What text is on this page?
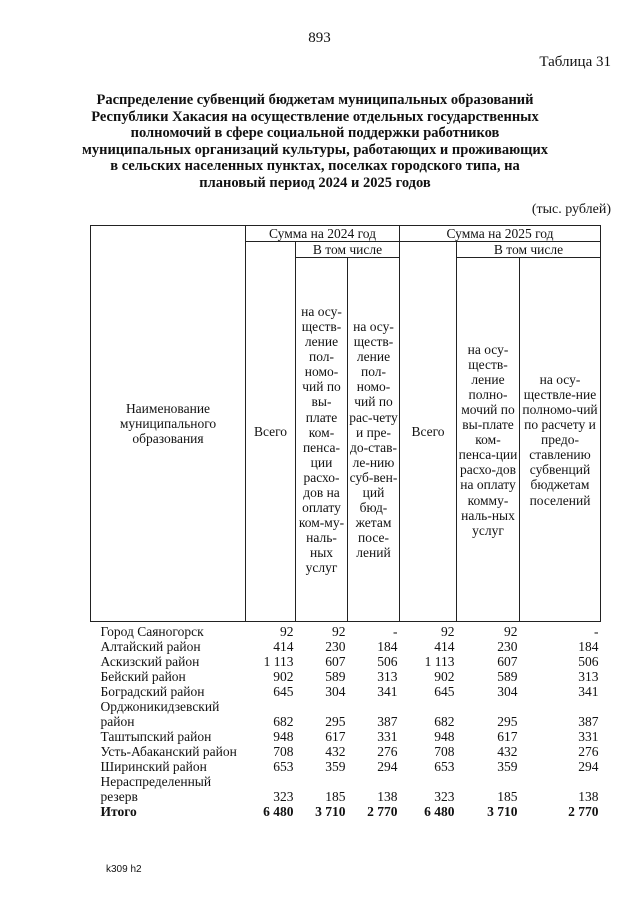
893
Таблица 31
Распределение субвенций бюджетам муниципальных образований Республики Хакасия на осуществление отдельных государственных полномочий в сфере социальной поддержки работников муниципальных организаций культуры, работающих и проживающих в сельских населенных пунктах, поселках городского типа, на плановый период 2024 и 2025 годов
(тыс. рублей)
Наименование муниципального образования	Сумма на 2024 год			Сумма на 2025 год		
	Всего	В том числе		Всего	В том числе	
		на осу-ществ-ление пол-номо-чий по вы-плате ком-пенса-ции расхо-дов на оплату ком-му-наль-ных услуг	на осу-ществ-ление пол-номо-чий по рас-чету и пре-до-став-ле-нию суб-вен-ций бюд-жетам посе-лений		на осу-ществ-ление полно-мочий по вы-плате ком-пенса-ции расхо-дов на оплату комму-наль-ных услуг	на осу-ществле-ние полномо-чий по расчету и предо-ставлению субвенций бюджетам поселений
Город Саяногорск	92	92	-	92	92	-
Алтайский район	414	230	184	414	230	184
Аскизский район	1 113	607	506	1 113	607	506
Бейский район	902	589	313	902	589	313
Боградский район	645	304	341	645	304	341
Орджоникидзевский район	682	295	387	682	295	387
Таштыпский район	948	617	331	948	617	331
Усть-Абаканский район	708	432	276	708	432	276
Ширинский район	653	359	294	653	359	294
Нераспределенный резерв	323	185	138	323	185	138
Итого	6 480	3 710	2 770	6 480	3 710	2 770
k309 h2
